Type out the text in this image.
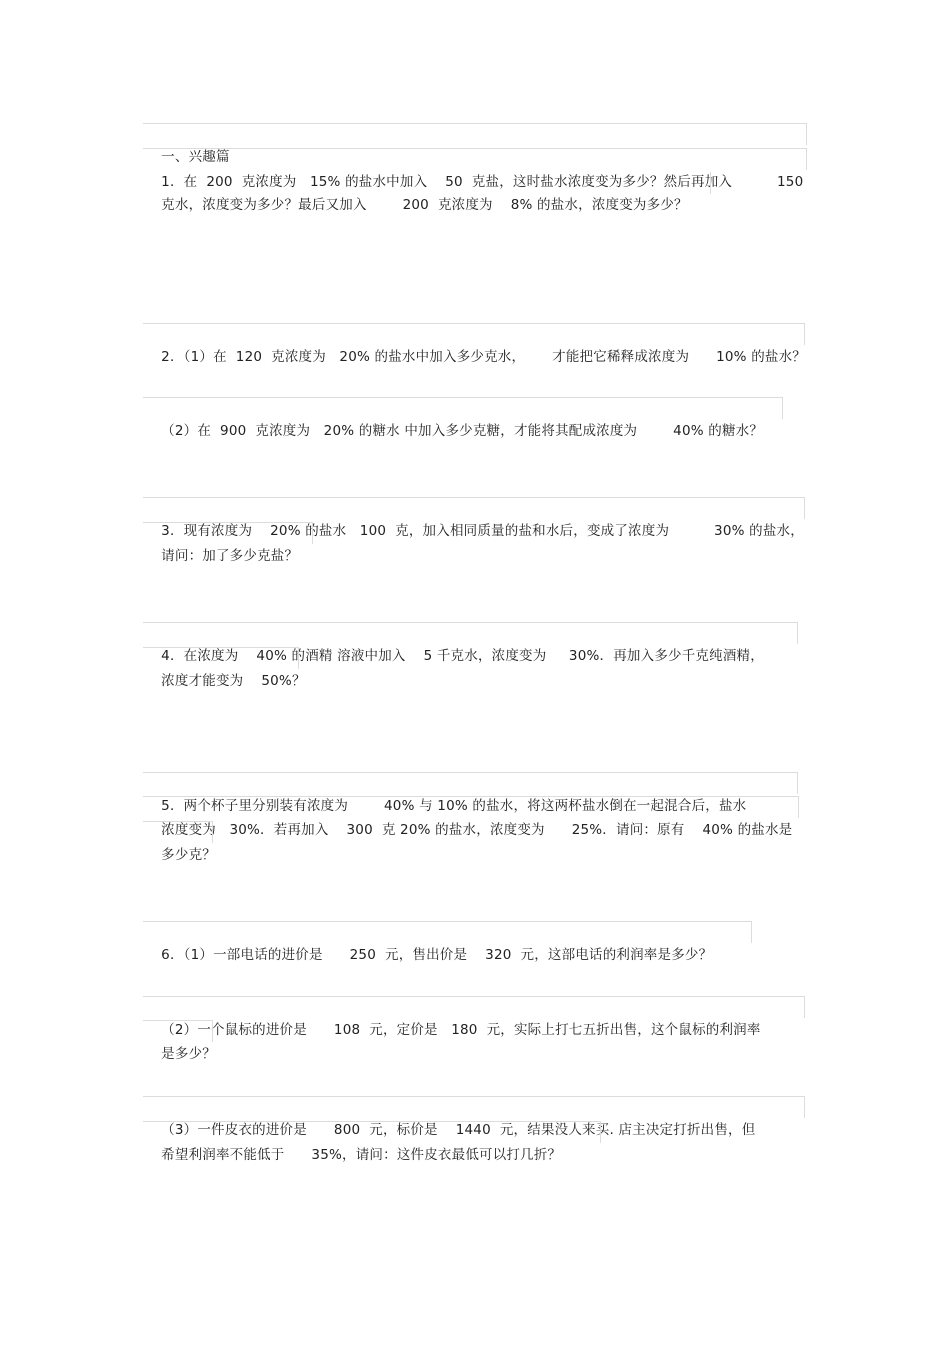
一、兴趣篇

1．在  200  克浓度为   15% 的盐水中加入    50  克盐，这时盐水浓度变为多少？然后再加入          150

克水，浓度变为多少？最后又加入        200  克浓度为    8% 的盐水，浓度变为多少？

2．（1）在  120  克浓度为   20% 的盐水中加入多少克水，      才能把它稀释成浓度为      10% 的盐水？

（2）在  900  克浓度为   20% 的糖水 中加入多少克糖，才能将其配成浓度为        40% 的糖水？

3．现有浓度为    20% 的盐水   100  克，加入相同质量的盐和水后，变成了浓度为          30% 的盐水，

请问：加了多少克盐？

4．在浓度为    40% 的酒精 溶液中加入    5 千克水，浓度变为     30%．再加入多少千克纯酒精，

浓度才能变为    50%？

5．两个杯子里分别装有浓度为        40% 与 10% 的盐水，将这两杯盐水倒在一起混合后，盐水

浓度变为   30%．若再加入    300  克 20% 的盐水，浓度变为      25%．请问：原有    40% 的盐水是

多少克？

6．（1）一部电话的进价是      250  元，售出价是    320  元，这部电话的利润率是多少？

（2）一个鼠标的进价是      108  元，定价是   180  元，实际上打七五折出售，这个鼠标的利润率

是多少？

（3）一件皮衣的进价是      800  元，标价是    1440  元，结果没人来买. 店主决定打折出售，但

希望利润率不能低于      35%，请问：这件皮衣最低可以打几折？
